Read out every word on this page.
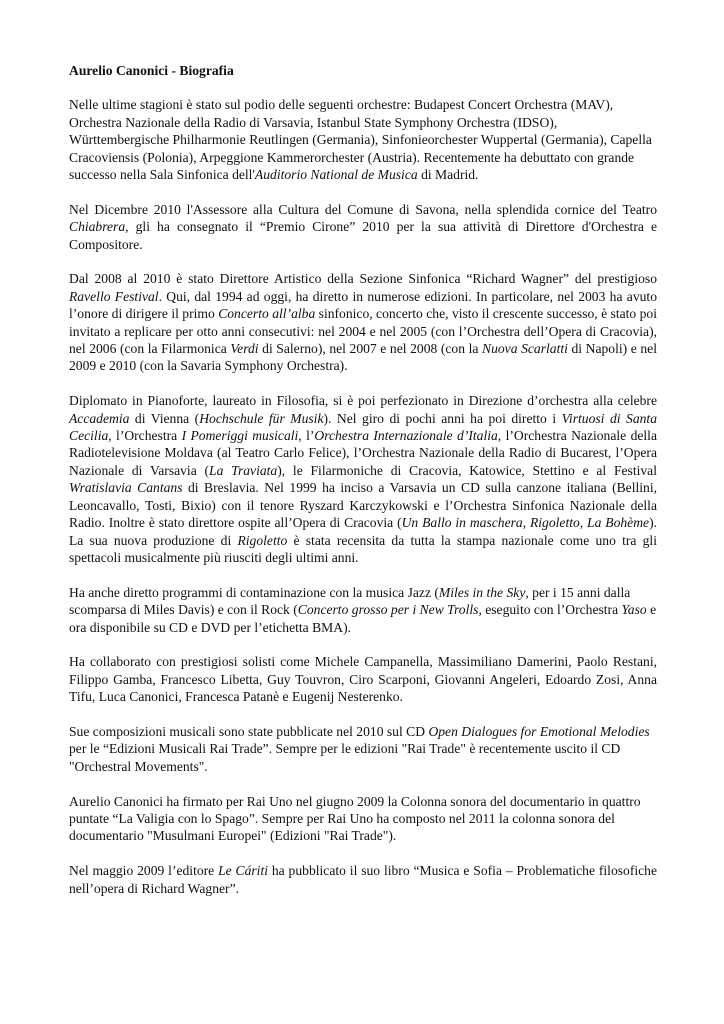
Aurelio Canonici - Biografia

Nelle ultime stagioni è stato sul podio delle seguenti orchestre: Budapest Concert Orchestra (MAV), Orchestra Nazionale della Radio di Varsavia, Istanbul State Symphony Orchestra (IDSO), Württembergische Philharmonie Reutlingen (Germania), Sinfonieorchester Wuppertal (Germania), Capella Cracoviensis (Polonia), Arpeggione Kammerorchester (Austria). Recentemente ha debuttato con grande successo nella Sala Sinfonica dell'Auditorio National de Musica di Madrid.

Nel Dicembre 2010 l'Assessore alla Cultura del Comune di Savona, nella splendida cornice del Teatro Chiabrera, gli ha consegnato il “Premio Cirone” 2010 per la sua attività di Direttore d'Orchestra e Compositore.

Dal 2008 al 2010 è stato Direttore Artistico della Sezione Sinfonica “Richard Wagner” del prestigioso Ravello Festival. Qui, dal 1994 ad oggi, ha diretto in numerose edizioni. In particolare, nel 2003 ha avuto l’onore di dirigere il primo Concerto all’alba sinfonico, concerto che, visto il crescente successo, è stato poi invitato a replicare per otto anni consecutivi: nel 2004 e nel 2005 (con l’Orchestra dell’Opera di Cracovia), nel 2006 (con la Filarmonica Verdi di Salerno), nel 2007 e nel 2008 (con la Nuova Scarlatti di Napoli) e nel 2009 e 2010 (con la Savaria Symphony Orchestra).

Diplomato in Pianoforte, laureato in Filosofia, si è poi perfezionato in Direzione d’orchestra alla celebre Accademia di Vienna (Hochschule für Musik). Nel giro di pochi anni ha poi diretto i Virtuosi di Santa Cecilia, l’Orchestra I Pomeriggi musicali, l’Orchestra Internazionale d’Italia, l’Orchestra Nazionale della Radiotelevisione Moldava (al Teatro Carlo Felice), l’Orchestra Nazionale della Radio di Bucarest, l’Opera Nazionale di Varsavia (La Traviata), le Filarmoniche di Cracovia, Katowice, Stettino e al Festival Wratislavia Cantans di Breslavia. Nel 1999 ha inciso a Varsavia un CD sulla canzone italiana (Bellini, Leoncavallo, Tosti, Bixio) con il tenore Ryszard Karczykowski e l’Orchestra Sinfonica Nazionale della Radio. Inoltre è stato direttore ospite all’Opera di Cracovia (Un Ballo in maschera, Rigoletto, La Bohème). La sua nuova produzione di Rigoletto è stata recensita da tutta la stampa nazionale come uno tra gli spettacoli musicalmente più riusciti degli ultimi anni.

Ha anche diretto programmi di contaminazione con la musica Jazz (Miles in the Sky, per i 15 anni dalla scomparsa di Miles Davis) e con il Rock (Concerto grosso per i New Trolls, eseguito con l’Orchestra Yaso e ora disponibile su CD e DVD per l’etichetta BMA).

Ha collaborato con prestigiosi solisti come Michele Campanella, Massimiliano Damerini, Paolo Restani, Filippo Gamba, Francesco Libetta, Guy Touvron, Ciro Scarponi, Giovanni Angeleri, Edoardo Zosi, Anna Tifu, Luca Canonici, Francesca Patanè e Eugenij Nesterenko.

Sue composizioni musicali sono state pubblicate nel 2010 sul CD Open Dialogues for Emotional Melodies per le “Edizioni Musicali Rai Trade”. Sempre per le edizioni "Rai Trade" è recentemente uscito il CD "Orchestral Movements".

Aurelio Canonici ha firmato per Rai Uno nel giugno 2009 la Colonna sonora del documentario in quattro puntate “La Valigia con lo Spago”. Sempre per Rai Uno ha composto nel 2011 la colonna sonora del documentario "Musulmani Europei" (Edizioni "Rai Trade").

Nel maggio 2009 l’editore Le Cáriti ha pubblicato il suo libro “Musica e Sofia – Problematiche filosofiche nell’opera di Richard Wagner”.
